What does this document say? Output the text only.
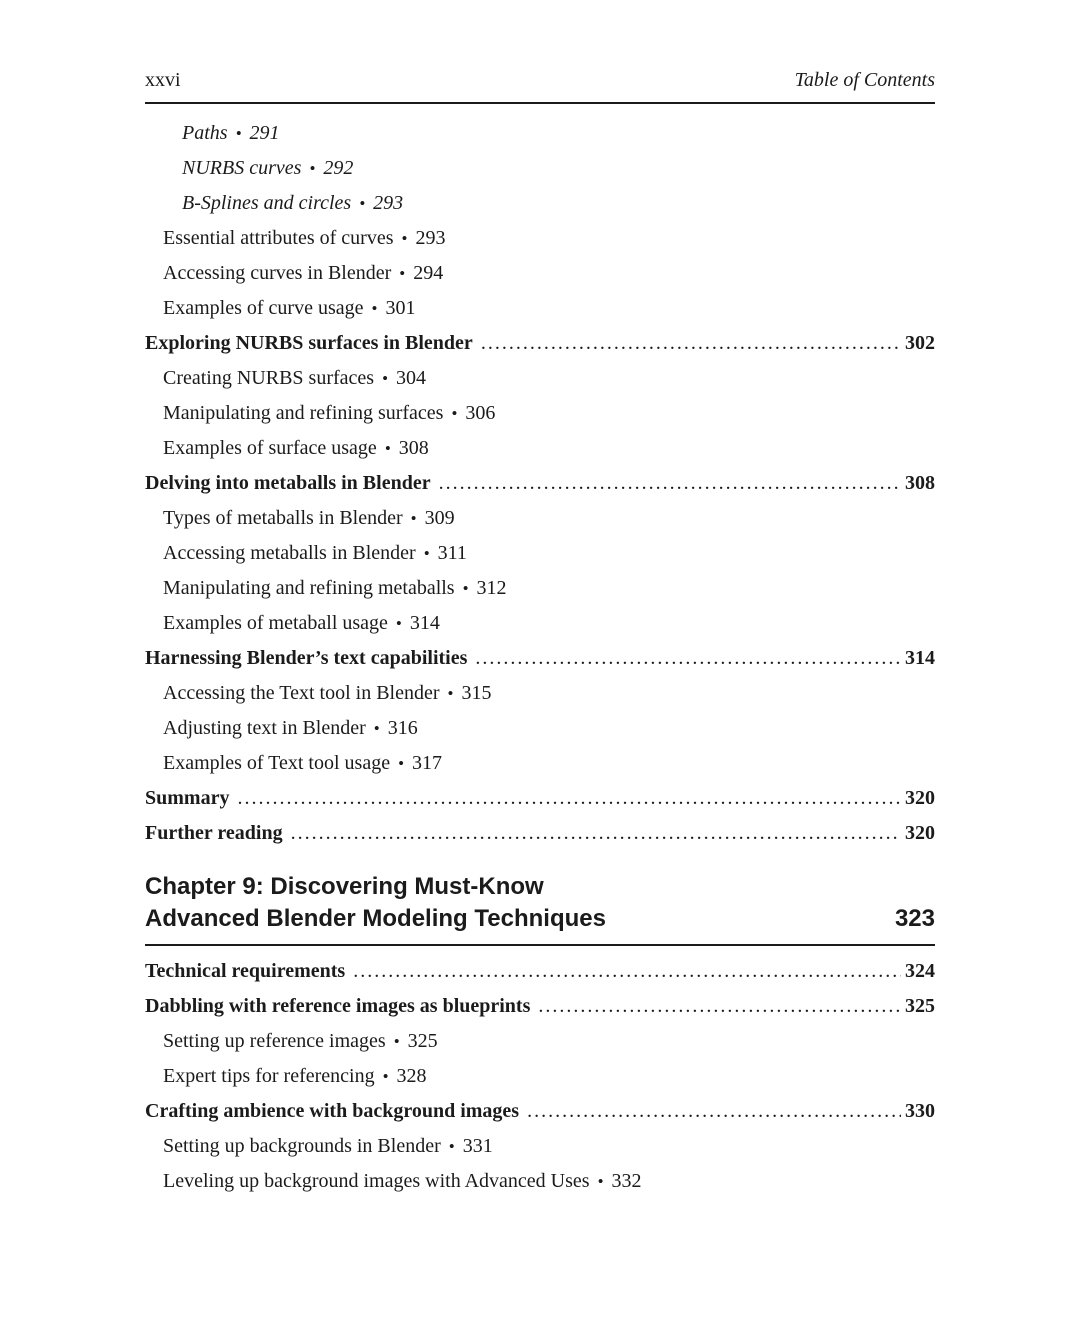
xxvi	Table of Contents
Paths • 291
NURBS curves • 292
B-Splines and circles • 293
Essential attributes of curves • 293
Accessing curves in Blender • 294
Examples of curve usage • 301
Exploring NURBS surfaces in Blender .....	302
Creating NURBS surfaces • 304
Manipulating and refining surfaces • 306
Examples of surface usage • 308
Delving into metaballs in Blender .....	308
Types of metaballs in Blender • 309
Accessing metaballs in Blender • 311
Manipulating and refining metaballs • 312
Examples of metaball usage • 314
Harnessing Blender’s text capabilities .....	314
Accessing the Text tool in Blender • 315
Adjusting text in Blender • 316
Examples of Text tool usage • 317
Summary .....	320
Further reading .....	320
Chapter 9: Discovering Must-Know
Advanced Blender Modeling Techniques	323
Technical requirements .....	324
Dabbling with reference images as blueprints .....	325
Setting up reference images • 325
Expert tips for referencing • 328
Crafting ambience with background images .....	330
Setting up backgrounds in Blender • 331
Leveling up background images with Advanced Uses • 332
